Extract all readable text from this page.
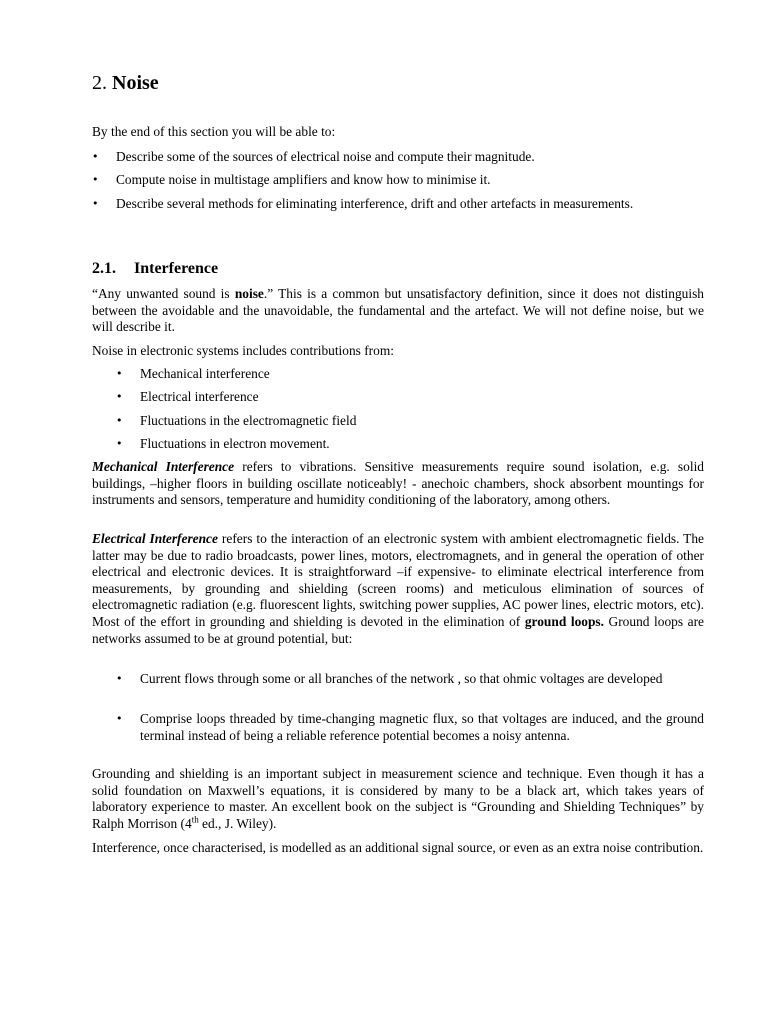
2. Noise

By the end of this section you will be able to:

•	Describe some of the sources of electrical noise and compute their magnitude.
•	Compute noise in multistage amplifiers and know how to minimise it.
•	Describe several methods for eliminating interference, drift and other artefacts in measurements.
2.1. Interference

“Any unwanted sound is noise.” This is a common but unsatisfactory definition, since it does not distinguish between the avoidable and the unavoidable, the fundamental and the artefact. We will not define noise, but we will describe it.

Noise in electronic systems includes contributions from:

•	Mechanical interference
•	Electrical interference
•	Fluctuations in the electromagnetic field
•	Fluctuations in electron movement.

Mechanical Interference refers to vibrations. Sensitive measurements require sound isolation, e.g. solid buildings, –higher floors in building oscillate noticeably! - anechoic chambers, shock absorbent mountings for instruments and sensors, temperature and humidity conditioning of the laboratory, among others.

Electrical Interference refers to the interaction of an electronic system with ambient electromagnetic fields. The latter may be due to radio broadcasts, power lines, motors, electromagnets, and in general the operation of other electrical and electronic devices. It is straightforward –if expensive- to eliminate electrical interference from measurements, by grounding and shielding (screen rooms) and meticulous elimination of sources of electromagnetic radiation (e.g. fluorescent lights, switching power supplies, AC power lines, electric motors, etc). Most of the effort in grounding and shielding is devoted in the elimination of ground loops. Ground loops are networks assumed to be at ground potential, but:

•	Current flows through some or all branches of the network , so that ohmic voltages are developed
•	Comprise loops threaded by time-changing magnetic flux, so that voltages are induced, and the ground terminal instead of being a reliable reference potential becomes a noisy antenna.

Grounding and shielding is an important subject in measurement science and technique. Even though it has a solid foundation on Maxwell’s equations, it is considered by many to be a black art, which takes years of laboratory experience to master. An excellent book on the subject is “Grounding and Shielding Techniques” by Ralph Morrison (4th ed., J. Wiley).

Interference, once characterised, is modelled as an additional signal source, or even as an extra noise contribution.
